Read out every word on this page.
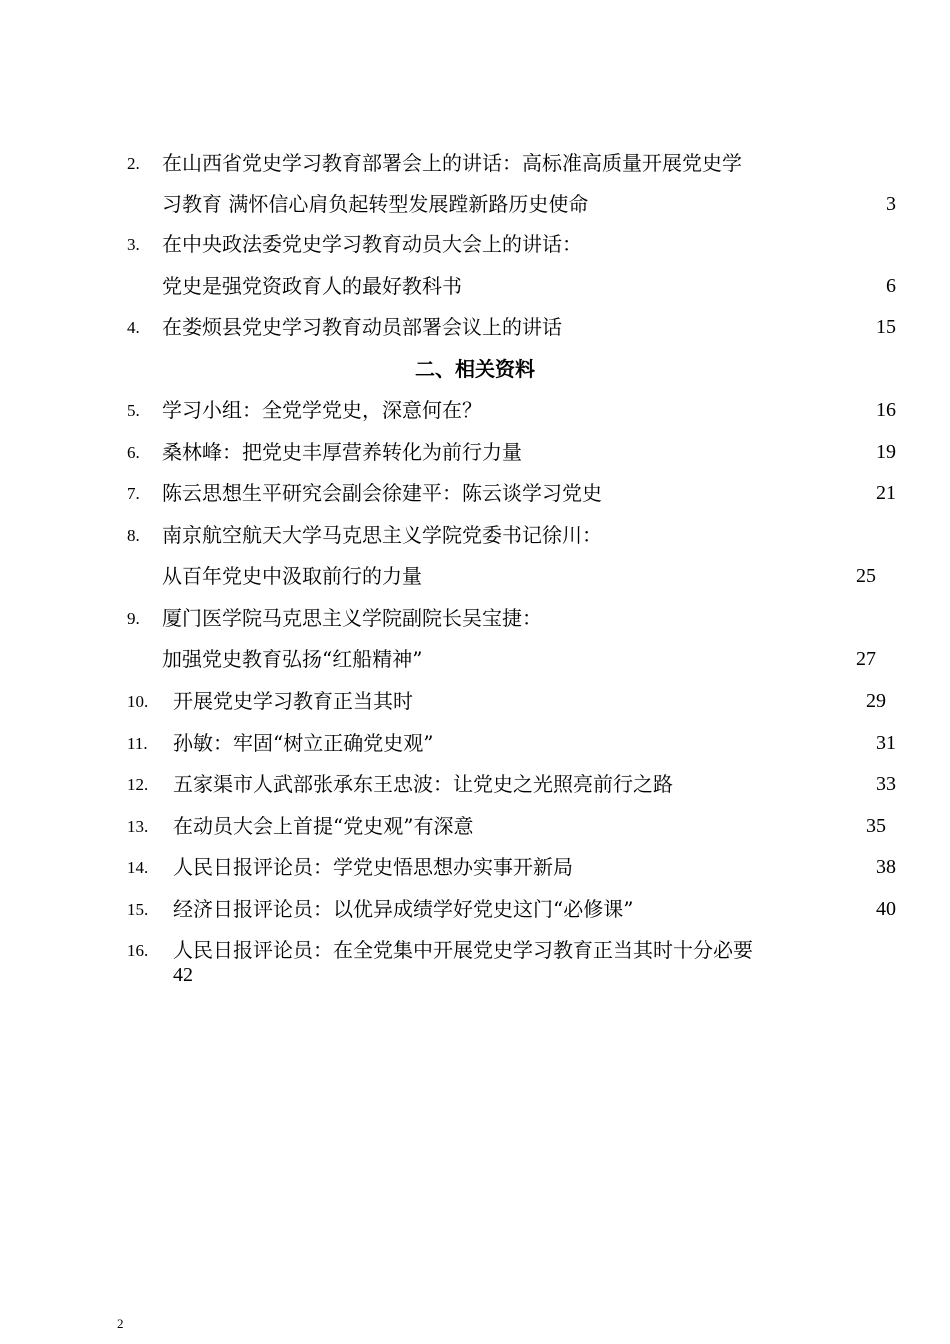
2. 在山西省党史学习教育部署会上的讲话：高标准高质量开展党史学
习教育 满怀信心肩负起转型发展蹚新路历史使命	3
3. 在中央政法委党史学习教育动员大会上的讲话：
党史是强党资政育人的最好教科书	6
4. 在娄烦县党史学习教育动员部署会议上的讲话	15
二、相关资料
5. 学习小组：全党学党史，深意何在？	16
6. 桑林峰：把党史丰厚营养转化为前行力量	19
7. 陈云思想生平研究会副会徐建平：陈云谈学习党史	21
8. 南京航空航天大学马克思主义学院党委书记徐川：
从百年党史中汲取前行的力量	25
9. 厦门医学院马克思主义学院副院长吴宝捷：
加强党史教育弘扬“红船精神”	27
10. 开展党史学习教育正当其时	29
11. 孙敏：牢固“树立正确党史观”	31
12. 五家渠市人武部张承东王忠波：让党史之光照亮前行之路	33
13. 在动员大会上首提“党史观”有深意	35
14. 人民日报评论员：学党史悟思想办实事开新局	38
15. 经济日报评论员：以优异成绩学好党史这门“必修课”	40
16. 人民日报评论员：在全党集中开展党史学习教育正当其时十分必要
42
2
